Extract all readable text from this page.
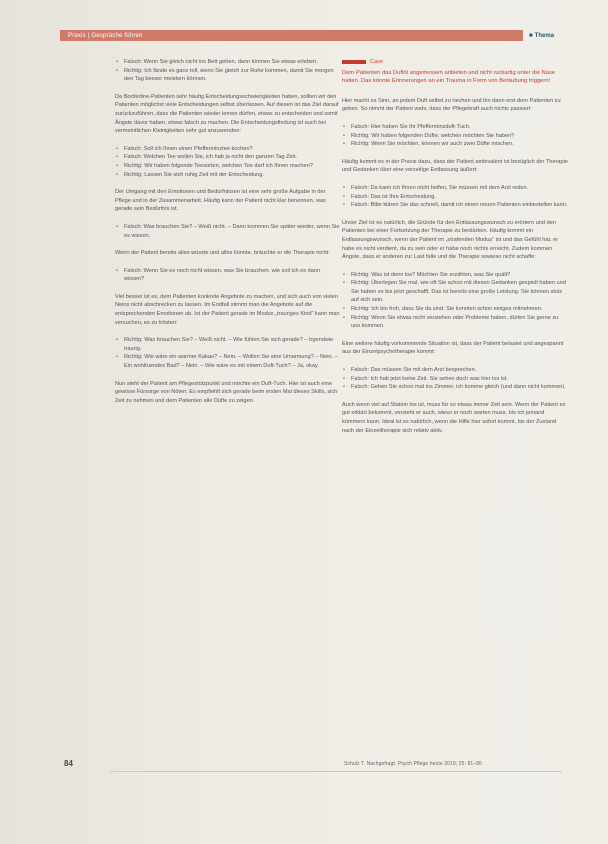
Praxis | Gespräche führen	■ Thema
• Falsch: Wenn Sie gleich nicht ins Bett gehen, dann können Sie etwas erleben.
• Richtig: Ich fände es ganz toll, wenn Sie gleich zur Ruhe kommen, damit Sie morgen den Tag besser meistern können.

Da Borderline-Patienten sehr häufig Entscheidungsschwierigkeiten haben, sollten wir den Patienten möglichst viele Entscheidungen selbst überlassen. Auf diesen ist das Ziel darauf zurückzuführen, dass die Patienten wieder lernen dürfen, etwas zu entscheiden und somit Ängste davor haben, etwas falsch zu machen. Die Entscheidungsfindung ist auch bei vermeintlichen Kleinigkeiten sehr gut anzuwenden:

• Falsch: Soll ich Ihnen einen Pfefferminztee kochen?
• Falsch: Welchen Tee wollen Sie, ich hab ja nicht den ganzen Tag Zeit.
• Richtig: Wir haben folgende Teesorten, welchen Tee darf ich Ihnen machen?
• Richtig: Lassen Sie sich ruhig Zeit mit der Entscheidung.

Der Umgang mit den Emotionen und Bedürfnissen ist eine sehr große Aufgabe in der Pflege und in der Zusammenarbeit. Häufig kann der Patient nicht klar benennen, was gerade sein Bedürfnis ist.

• Falsch: Was brauchen Sie? – Weiß nicht. – Dann kommen Sie später wieder, wenn Sie es wissen.

Wenn der Patient bereits alles wüsste und alles könnte, bräuchte er die Therapie nicht:

• Falsch: Wenn Sie es noch nicht wissen, was Sie brauchen, wie soll ich es dann wissen?

Viel besser ist es, dem Patienten konkrete Angebote zu machen, und sich auch von vielen Neins nicht abschrecken zu lassen. Im Endfall stimmt man die Angebote auf die entsprechenden Emotionen ab. Ist der Patient gerade im Modus „trauriges Kind“ kann man versuchen, es zu trösten:

• Richtig: Was brauchen Sie? – Weiß nicht. – Wie fühlen Sie sich gerade? – Irgendwie traurig.
• Richtig: Wie wäre ein warmer Kakao? – Nein. – Wollen Sie eine Umarmung? – Nein. – Ein wohltuendes Bad? – Nein. – Wie wäre es mit einem Duft-Tuch? – Ja, okay.

Nun steht der Patient am Pflegestützpunkt und möchte ein Duft-Tuch. Hier ist auch eine gewisse Fürsorge von Nöten. Es empfiehlt sich gerade beim ersten Mal dieses Skills, sich Zeit zu nehmen und dem Patienten alle Düfte zu zeigen.

Cave

Dem Patienten das Duftöl angemessen anbieten und nicht ruckartig unter die Nase halten. Das könnte Erinnerungen an ein Trauma in Form von Betäubung triggern!

Hier macht es Sinn, an jedem Duft selbst zu riechen und ihn dann erst dem Patienten zu geben. So nimmt der Patient wahr, dass der Pflegekraft auch nichts passiert:

• Falsch: Hier haben Sie Ihr Pfefferminzduft-Tuch.
• Richtig: Wir haben folgenden Düfte; welchen möchten Sie haben?
• Richtig: Wenn Sie möchten, können wir auch zwei Düfte mischen.

Häufig kommt es in der Praxis dazu, dass der Patient ambivalent ist bezüglich der Therapie und Gedanken über eine vorzeitige Entlassung äußert:

• Falsch: Da kann ich Ihnen nicht helfen, Sie müssen mit dem Arzt reden.
• Falsch: Das ist Ihre Entscheidung.
• Falsch: Bitte klären Sie das schnell, damit ich einen neuen Patienten einbestellen kann.

Unser Ziel ist es natürlich, die Gründe für den Entlassungswunsch zu erörtern und den Patienten bei einer Fortsetzung der Therapie zu bestärken. Häufig kommt ein Entlassungswunsch, wenn der Patient im „strafenden Modus“ ist und das Gefühl hat, er habe es nicht verdient, da zu sein oder er habe noch nichts erreicht. Zudem kommen Ängste, dass er anderen zur Last falle und die Therapie sowieso nicht schaffe:

• Richtig: Was ist denn los? Möchten Sie erzählen, was Sie quält?
• Richtig: Überlegen Sie mal, wie oft Sie schon mit diesen Gedanken gespielt haben und Sie haben es bis jetzt geschafft. Das ist bereits eine große Leistung. Sie können stolz auf sich sein.
• Richtig: Ich bin froh, dass Sie da sind. Sie konnten schon einiges mitnehmen.
• Richtig: Wenn Sie etwas nicht verstehen oder Probleme haben, dürfen Sie gerne zu uns kommen.

Eine weitere häufig vorkommende Situation ist, dass der Patient belastet und angespannt aus der Einzelpsychotherapie kommt:

• Falsch: Das müssen Sie mit dem Arzt besprechen.
• Falsch: Ich hab jetzt keine Zeit. Sie sehen doch was hier los ist.
• Falsch: Gehen Sie schon mal ins Zimmer, ich komme gleich (und dann nicht kommen).

Auch wenn viel auf Station los ist, muss für so etwas immer Zeit sein. Wenn der Patient es gut erklärt bekommt, versteht er auch, wieso er noch warten muss, bis ich jemand kümmern kann. Ideal ist es natürlich, wenn die Hilfe hier sofort kommt, bis der Zustand nach der Einzeltherapie sich relativ aktiv.

84	Schulz T. Nachgefragt. Psych Pflege heute 2019; 25: 81–85
